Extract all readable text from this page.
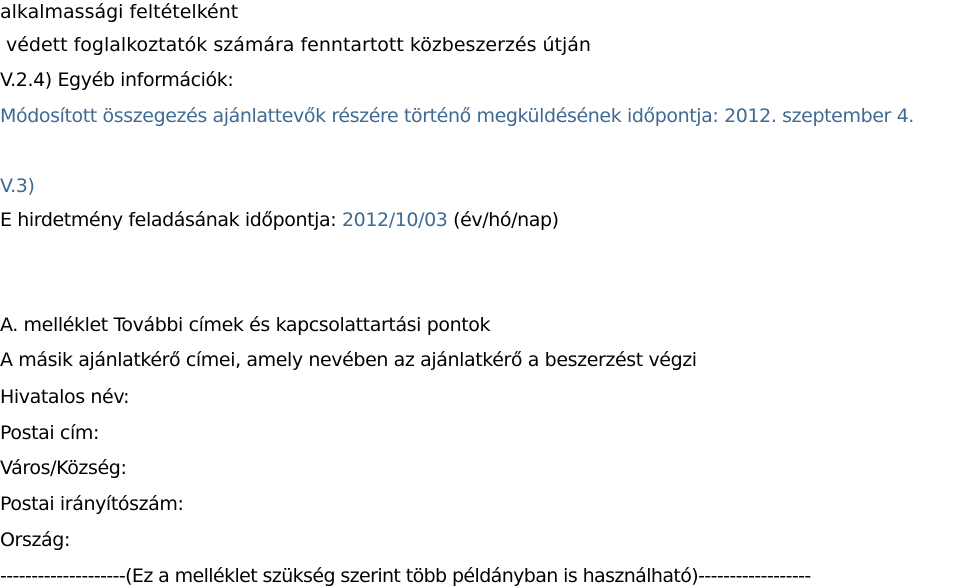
alkalmassági feltételként
védett foglalkoztatók számára fenntartott közbeszerzés útján
V.2.4) Egyéb információk:
Módosított összegezés ajánlattevők részére történő megküldésének időpontja: 2012. szeptember 4.
V.3)
E hirdetmény feladásának időpontja: 2012/10/03 (év/hó/nap)
A. melléklet További címek és kapcsolattartási pontok
A másik ajánlatkérő címei, amely nevében az ajánlatkérő a beszerzést végzi
Hivatalos név:
Postai cím:
Város/Község:
Postai irányítószám:
Ország:
--------------------(Ez a melléklet szükség szerint több példányban is használható)------------------
